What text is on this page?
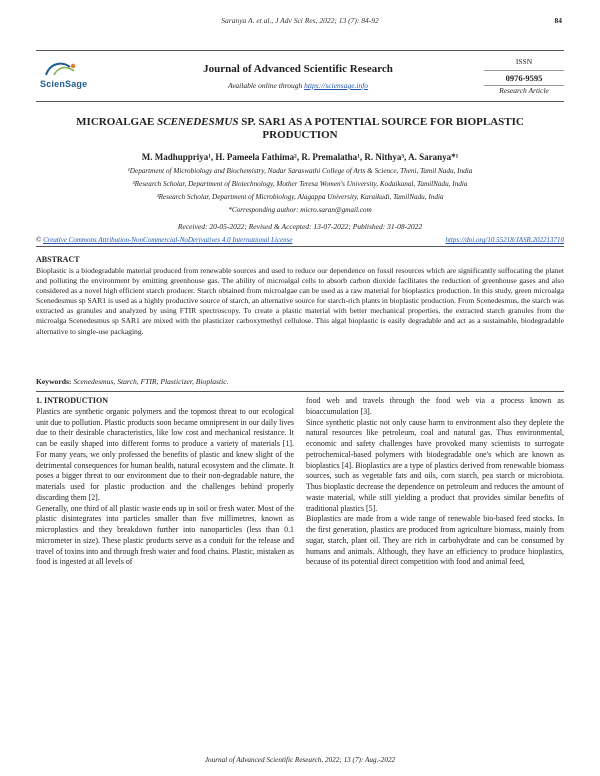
Saranya A. et al., J Adv Sci Res, 2022; 13 (7): 84-92	84
ScienSage
Journal of Advanced Scientific Research
Available online through https://sciensage.info
ISSN
0976-9595
Research Article
MICROALGAE SCENEDESMUS SP. SAR1 AS A POTENTIAL SOURCE FOR BIOPLASTIC PRODUCTION
M. Madhuppriya¹, H. Pameela Fathima², R. Premalatha¹, R. Nithya³, A. Saranya*¹
¹Department of Microbiology and Biochemistry, Nadar Saraswathi College of Arts & Science, Theni, Tamil Nadu, India
²Research Scholar, Department of Biotechnology, Mother Teresa Women's University, Kodaikanal, TamilNadu, India
³Research Scholar, Department of Microbiology, Alagappa University, Karaikudi, TamilNadu, India
*Corresponding author: micro.saran@gmail.com
Received: 20-05-2022; Revised & Accepted: 13-07-2022; Published: 31-08-2022
© Creative Commons Attribution-NonCommercial-NoDerivatives 4.0 International License	https://doi.org/10.55218/JASR.202213710
ABSTRACT
Bioplastic is a biodegradable material produced from renewable sources and used to reduce our dependence on fossil resources which are significantly suffocating the planet and polluting the environment by emitting greenhouse gas. The ability of microalgal cells to absorb carbon dioxide facilitates the reduction of greenhouse gases and also considered as a novel high efficient starch producer. Starch obtained from microalgae can be used as a raw material for bioplastics production. In this study, green microalga Scenedesmus sp SAR1 is used as a highly productive source of starch, an alternative source for starch-rich plants in bioplastic production. From Scenedesmus, the starch was extracted as granules and analyzed by using FTIR spectroscopy. To create a plastic material with better mechanical properties, the extracted starch granules from the microalga Scenedesmus sp SAR1 are mixed with the plasticizer carboxymethyl cellulose. This algal bioplastic is easily degradable and act as a sustainable, biodegradable alternative to single-use packaging.
Keywords: Scenedesmus, Starch, FTIR, Plasticizer, Bioplastic.

1. INTRODUCTION

Plastics are synthetic organic polymers and the topmost threat to our ecological unit due to pollution. Plastic products soon became omnipresent in our daily lives due to their desirable characteristics, like low cost and mechanical resistance. It can be easily shaped into different forms to produce a variety of materials [1]. For many years, we only professed the benefits of plastic and knew slight of the detrimental consequences for human health, natural ecosystem and the climate. It poses a bigger threat to our environment due to their non-degradable nature, the materials used for plastic production and the challenges behind properly discarding them [2].

Generally, one third of all plastic waste ends up in soil or fresh water. Most of the plastic disintegrates into particles smaller than five millimetres, known as microplastics and they breakdown further into nanoparticles (less than 0.1 micrometer in size). These plastic products serve as a conduit for the release and travel of toxins into and through fresh water and food chains. Plastic, mistaken as food is ingested at all levels of

food web and travels through the food web via a process known as bioaccumulation [3].

Since synthetic plastic not only cause harm to environment also they deplete the natural resources like petroleum, coal and natural gas. Thus environmental, economic and safety challenges have provoked many scientists to surrogate petrochemical-based polymers with biodegradable one's which are known as bioplastics [4]. Bioplastics are a type of plastics derived from renewable biomass sources, such as vegetable fats and oils, corn starch, pea starch or microbiota. Thus bioplastic decrease the dependence on petroleum and reduces the amount of waste material, while still yielding a product that provides similar benefits of traditional plastics [5].

Bioplastics are made from a wide range of renewable bio-based feed stocks. In the first generation, plastics are produced from agriculture biomass, mainly from sugar, starch, plant oil. They are rich in carbohydrate and can be consumed by humans and animals. Although, they have an efficiency to produce bioplastics, because of its potential direct competition with food and animal feed,

Journal of Advanced Scientific Research, 2022; 13 (7): Aug.-2022
